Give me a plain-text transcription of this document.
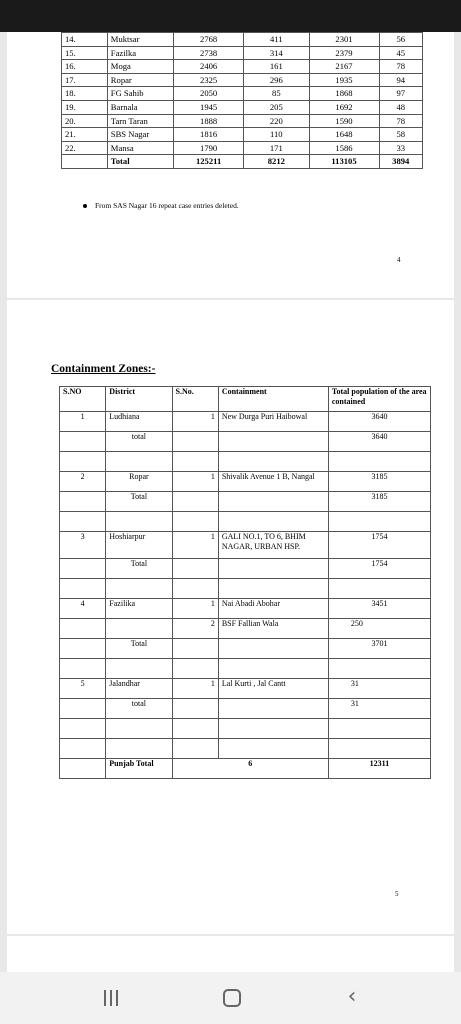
14.	Muktsar	2768	411	2301	56
15.	Fazilka	2738	314	2379	45
16.	Moga	2406	161	2167	78
17.	Ropar	2325	296	1935	94
18.	FG Sahib	2050	85	1868	97
19.	Barnala	1945	205	1692	48
20.	Tarn Taran	1888	220	1590	78
21.	SBS Nagar	1816	110	1648	58
22.	Mansa	1790	171	1586	33
	Total	125211	8212	113105	3894
From SAS Nagar 16 repeat case entries deleted.
4
Containment Zones:-
S.NO	District	S.No.	Containment	Total population of the area contained
1	Ludhiana	1	New Durga Puri Haibowal	3640
	total			3640

2	Ropar	1	Shivalik Avenue 1 B, Nangal	3185
	Total			3185

3	Hoshiarpur	1	GALI NO.1, TO 6, BHIM NAGAR, URBAN HSP.	1754
	Total			1754

4	Fazilika	1	Nai Abadi Abohar	3451
		2	BSF Fallian Wala	250
	Total			3701

5	Jalandhar	1	Lal Kurti , Jal Cantt	31
	total			31

	Punjab Total	6		12311
5
‹
